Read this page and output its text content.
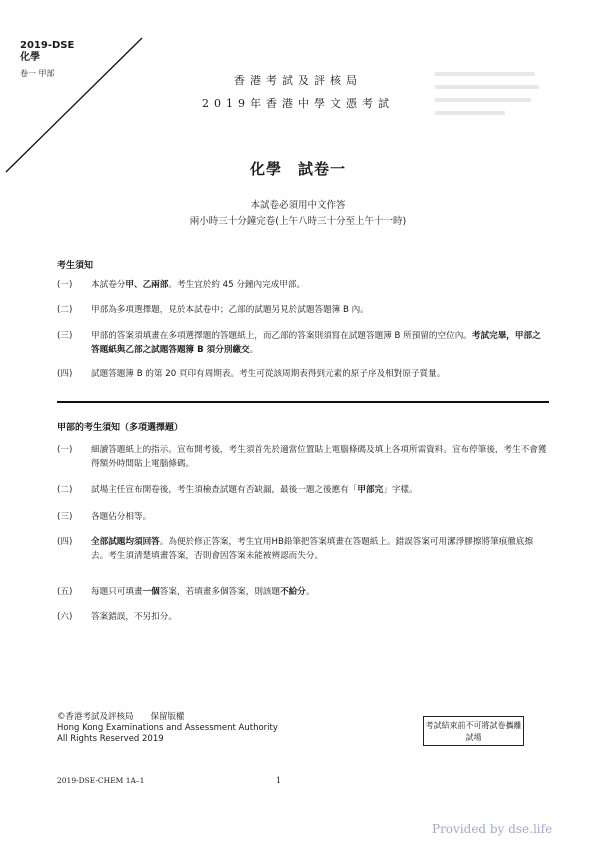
2019-DSE
化學
卷一 甲部
香港考試及評核局
2019年香港中學文憑考試
化學　試卷一
本試卷必須用中文作答
兩小時三十分鐘完卷(上午八時三十分至上午十一時)
考生須知
(一)	本試卷分甲、乙兩部。考生宜於約 45 分鐘內完成甲部。
(二)	甲部為多項選擇題，見於本試卷中；乙部的試題另見於試題答題簿 B 內。
(三)	甲部的答案須填畫在多項選擇題的答題紙上，而乙部的答案則須寫在試題答題簿 B 所預留的空位內。考試完畢，甲部之答題紙與乙部之試題答題簿 B 須分別繳交。
(四)	試題答題簿 B 的第 20 頁印有周期表。考生可從該周期表得到元素的原子序及相對原子質量。
甲部的考生須知（多項選擇題）
(一)	細讀答題紙上的指示。宣布開考後，考生須首先於適當位置貼上電腦條碼及填上各項所需資料。宣布停筆後，考生不會獲得額外時間貼上電腦條碼。
(二)	試場主任宣布開卷後，考生須檢查試題有否缺漏，最後一題之後應有「甲部完」字樣。
(三)	各題佔分相等。
(四)	全部試題均須回答。為便於修正答案，考生宜用HB鉛筆把答案填畫在答題紙上。錯誤答案可用潔淨膠擦將筆痕徹底擦去。考生須清楚填畫答案，否則會因答案未能被辨認而失分。
(五)	每題只可填畫一個答案，若填畫多個答案，則該題不給分。
(六)	答案錯誤，不另扣分。
©香港考試及評核局　　保留版權
Hong Kong Examinations and Assessment Authority
All Rights Reserved 2019
考試結束前不可將試卷攜離試場
2019-DSE-CHEM 1A–1	1
Provided by dse.life
